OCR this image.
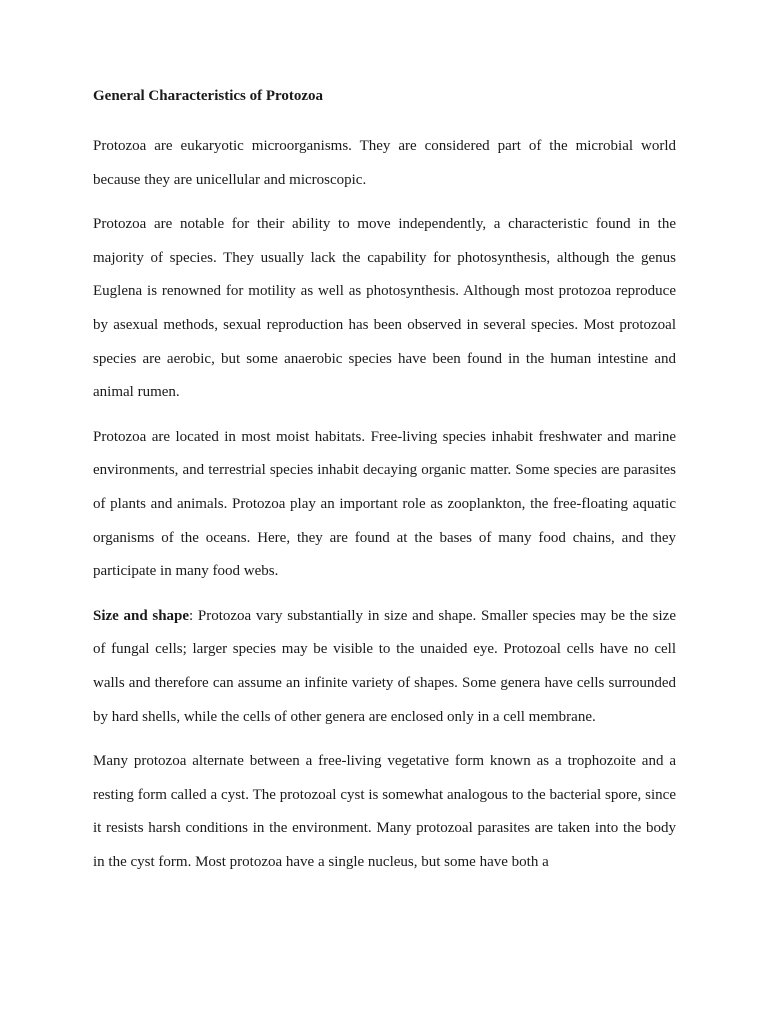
General Characteristics of Protozoa

Protozoa are eukaryotic microorganisms. They are considered part of the microbial world because they are unicellular and microscopic.

Protozoa are notable for their ability to move independently, a characteristic found in the majority of species. They usually lack the capability for photosynthesis, although the genus Euglena is renowned for motility as well as photosynthesis. Although most protozoa reproduce by asexual methods, sexual reproduction has been observed in several species. Most protozoal species are aerobic, but some anaerobic species have been found in the human intestine and animal rumen.

Protozoa are located in most moist habitats. Free-living species inhabit freshwater and marine environments, and terrestrial species inhabit decaying organic matter. Some species are parasites of plants and animals. Protozoa play an important role as zooplankton, the free-floating aquatic organisms of the oceans. Here, they are found at the bases of many food chains, and they participate in many food webs.

Size and shape: Protozoa vary substantially in size and shape. Smaller species may be the size of fungal cells; larger species may be visible to the unaided eye. Protozoal cells have no cell walls and therefore can assume an infinite variety of shapes. Some genera have cells surrounded by hard shells, while the cells of other genera are enclosed only in a cell membrane.

Many protozoa alternate between a free-living vegetative form known as a trophozoite and a resting form called a cyst. The protozoal cyst is somewhat analogous to the bacterial spore, since it resists harsh conditions in the environment. Many protozoal parasites are taken into the body in the cyst form. Most protozoa have a single nucleus, but some have both a
